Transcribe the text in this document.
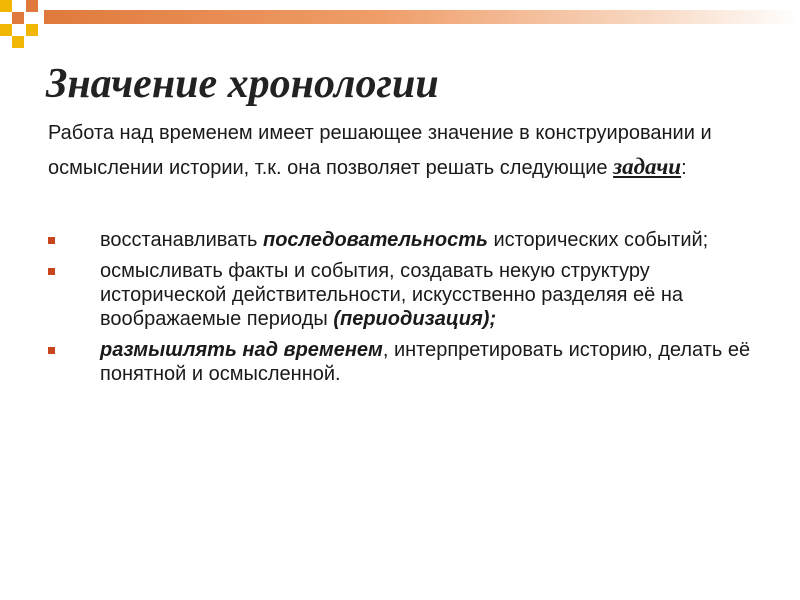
Значение хронологии

Работа над временем имеет решающее значение в конструировании и осмыслении истории, т.к. она позволяет решать следующие задачи:

восстанавливать последовательность исторических событий;
осмысливать факты и события, создавать некую структуру исторической действительности, искусственно разделяя её на воображаемые периоды (периодизация);
размышлять над временем, интерпретировать историю, делать её понятной и осмысленной.
